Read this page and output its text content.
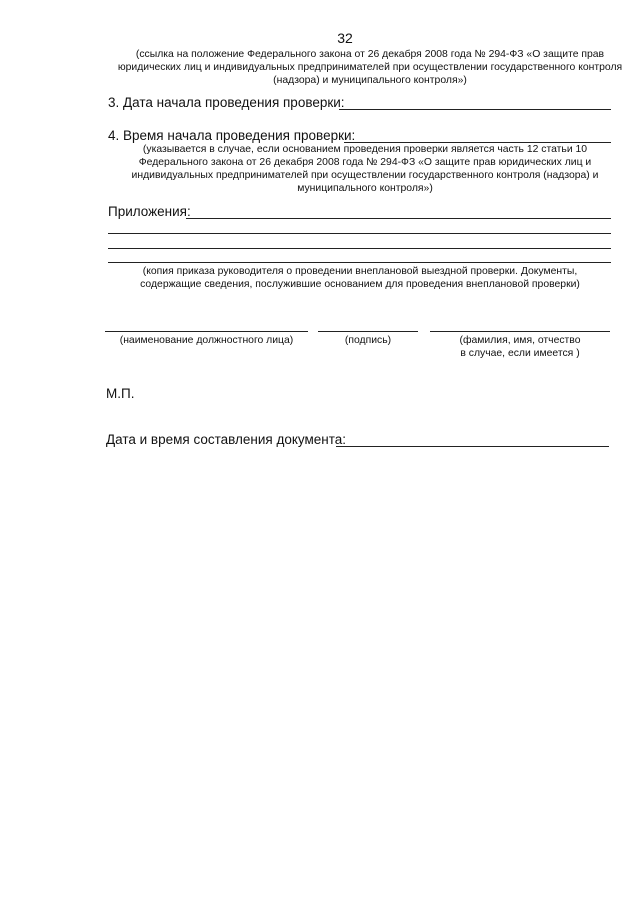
32
(ссылка на положение Федерального закона от 26 декабря 2008 года № 294-ФЗ «О защите прав
юридических лиц и индивидуальных предпринимателей при осуществлении государственного контроля
(надзора) и муниципального контроля»)
3. Дата начала проведения проверки:
4. Время начала проведения проверки:
(указывается в случае, если основанием проведения проверки является часть 12 статьи 10
Федерального закона от 26 декабря 2008 года № 294-ФЗ «О защите прав юридических лиц и
индивидуальных предпринимателей при осуществлении государственного контроля (надзора) и
муниципального контроля»)
Приложения:
(копия приказа руководителя о проведении внеплановой выездной проверки. Документы,
содержащие сведения, послужившие основанием для проведения внеплановой проверки)
(наименование должностного лица)	(подпись)	(фамилия, имя, отчество
в случае, если имеется )
М.П.
Дата и время составления документа:
